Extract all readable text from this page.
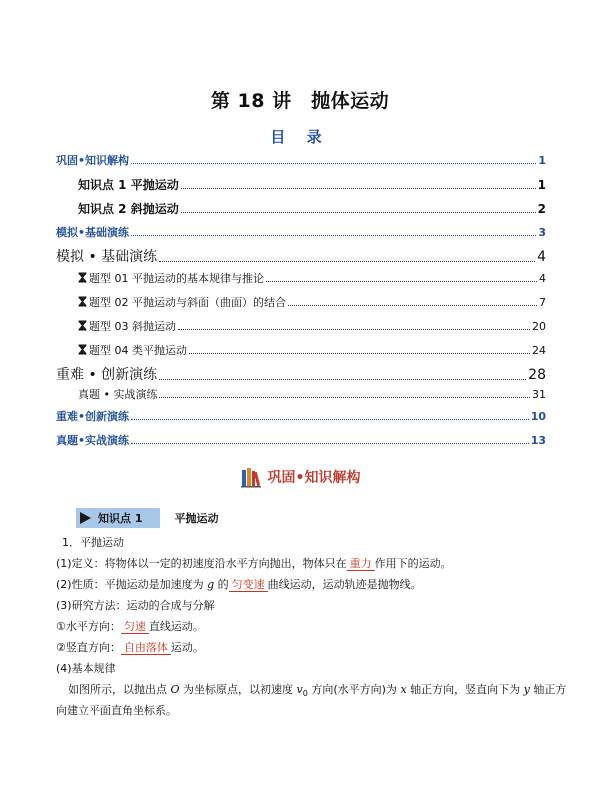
第 18 讲　抛体运动
目 录
巩固•知识解构	1
知识点 1 平抛运动	1
知识点 2 斜抛运动	2
模拟•基础演练	3
模拟 • 基础演练	4
题型 01 平抛运动的基本规律与推论	4
题型 02 平抛运动与斜面（曲面）的结合	7
题型 03 斜抛运动	20
题型 04 类平抛运动	24
重难 • 创新演练	28
真题 • 实战演练	31
重难•创新演练	10
真题•实战演练	13
巩固•知识解构
知识点 1	平抛运动
1．平抛运动
(1)定义：将物体以一定的初速度沿水平方向抛出，物体只在 重力 作用下的运动。
(2)性质：平抛运动是加速度为 g 的 匀变速 曲线运动，运动轨迹是抛物线。
(3)研究方法：运动的合成与分解
①水平方向： 匀速 直线运动。
②竖直方向： 自由落体 运动。
(4)基本规律
如图所示，以抛出点 O 为坐标原点，以初速度 $v_0$ 方向(水平方向)为 x 轴正方向，竖直向下为 y 轴正方
向建立平面直角坐标系。
